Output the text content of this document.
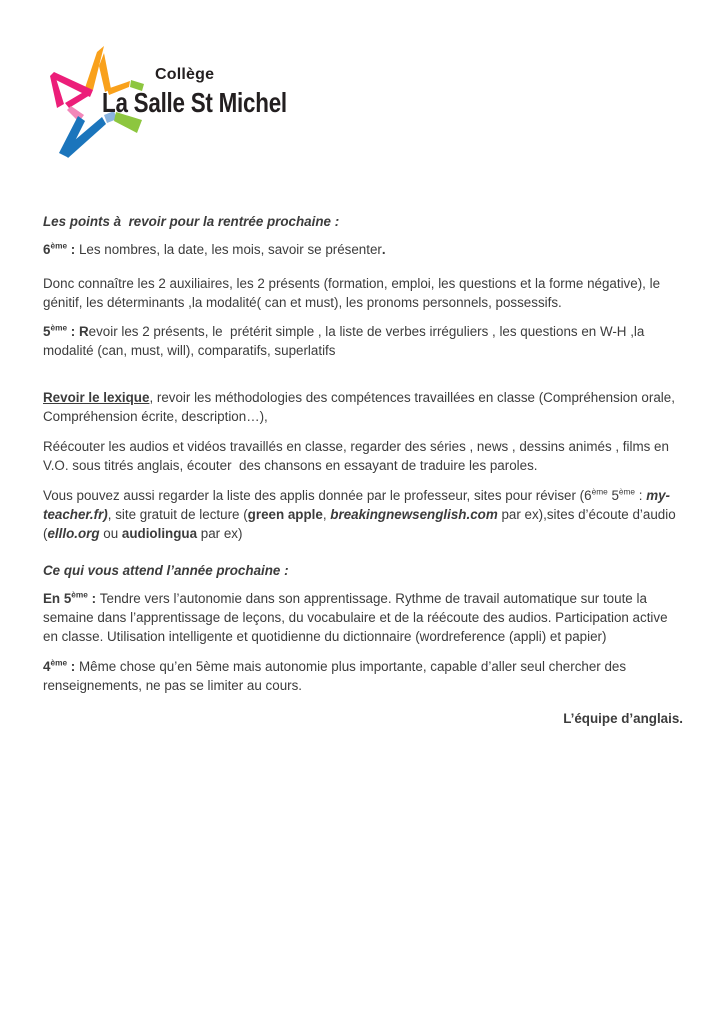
Collège
La Salle St Michel

Les points à  revoir pour la rentrée prochaine :

6ème : Les nombres, la date, les mois, savoir se présenter.

Donc connaître les 2 auxiliaires, les 2 présents (formation, emploi, les questions et la forme négative), le génitif, les déterminants ,la modalité( can et must), les pronoms personnels, possessifs.

5ème : Revoir les 2 présents, le  prétérit simple , la liste de verbes irréguliers , les questions en W-H ,la modalité (can, must, will), comparatifs, superlatifs

Revoir le lexique, revoir les méthodologies des compétences travaillées en classe (Compréhension orale, Compréhension écrite, description…),

Réécouter les audios et vidéos travaillés en classe, regarder des séries , news , dessins animés , films en V.O. sous titrés anglais, écouter  des chansons en essayant de traduire les paroles.

Vous pouvez aussi regarder la liste des applis donnée par le professeur, sites pour réviser (6ème 5ème : my-teacher.fr), site gratuit de lecture (green apple, breakingnewsenglish.com par ex),sites d’écoute d’audio (elllo.org ou audiolingua par ex)

Ce qui vous attend l’année prochaine :

En 5ème : Tendre vers l’autonomie dans son apprentissage. Rythme de travail automatique sur toute la semaine dans l’apprentissage de leçons, du vocabulaire et de la réécoute des audios. Participation active en classe. Utilisation intelligente et quotidienne du dictionnaire (wordreference (appli) et papier)

4ème : Même chose qu’en 5ème mais autonomie plus importante, capable d’aller seul chercher des renseignements, ne pas se limiter au cours.

L’équipe d’anglais.
